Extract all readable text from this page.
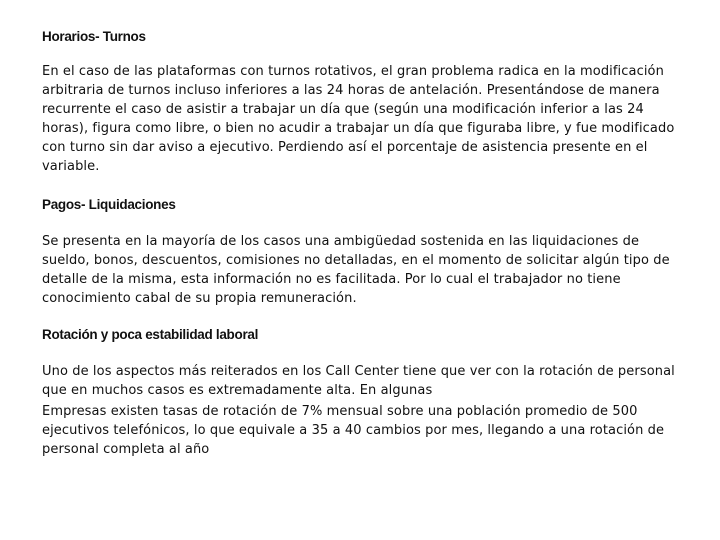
Horarios- Turnos

En el caso de las plataformas con turnos rotativos, el gran problema radica en la modificación arbitraria de turnos incluso inferiores a las 24 horas de antelación. Presentándose de manera recurrente el caso de asistir a trabajar un día que (según una modificación inferior a las 24 horas), figura como libre, o bien no acudir a trabajar un día que figuraba libre, y fue modificado con turno sin dar aviso a ejecutivo. Perdiendo así el porcentaje de asistencia presente en el variable.

Pagos- Liquidaciones

Se presenta en la mayoría de los casos una ambigüedad sostenida en las liquidaciones de sueldo, bonos, descuentos, comisiones no detalladas, en el momento de solicitar algún tipo de detalle de la misma, esta información no es facilitada. Por lo cual el trabajador no tiene conocimiento cabal de su propia remuneración.

Rotación y poca estabilidad laboral

Uno de los aspectos más reiterados en los Call Center tiene que ver con la rotación de personal que en muchos casos es extremadamente alta. En algunas

Empresas existen tasas de rotación de 7% mensual sobre una población promedio de 500 ejecutivos telefónicos, lo que equivale a 35 a 40 cambios por mes, llegando a una rotación de personal completa al año
